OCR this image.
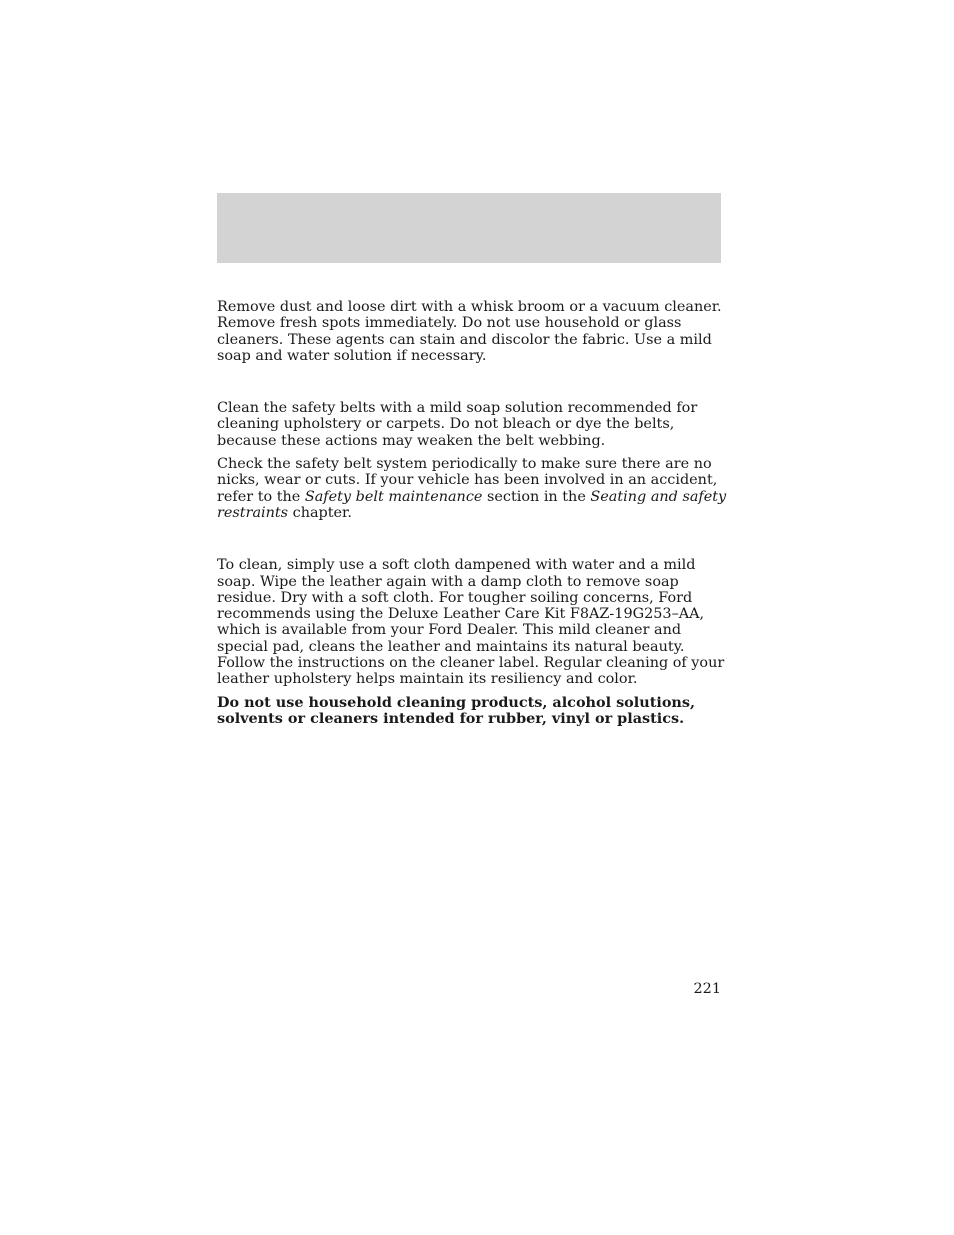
Remove dust and loose dirt with a whisk broom or a vacuum cleaner. Remove fresh spots immediately. Do not use household or glass cleaners. These agents can stain and discolor the fabric. Use a mild soap and water solution if necessary.

Clean the safety belts with a mild soap solution recommended for cleaning upholstery or carpets. Do not bleach or dye the belts, because these actions may weaken the belt webbing.

Check the safety belt system periodically to make sure there are no nicks, wear or cuts. If your vehicle has been involved in an accident, refer to the Safety belt maintenance section in the Seating and safety restraints chapter.

To clean, simply use a soft cloth dampened with water and a mild soap. Wipe the leather again with a damp cloth to remove soap residue. Dry with a soft cloth. For tougher soiling concerns, Ford recommends using the Deluxe Leather Care Kit F8AZ-19G253–AA, which is available from your Ford Dealer. This mild cleaner and special pad, cleans the leather and maintains its natural beauty. Follow the instructions on the cleaner label. Regular cleaning of your leather upholstery helps maintain its resiliency and color.

Do not use household cleaning products, alcohol solutions, solvents or cleaners intended for rubber, vinyl or plastics.

221
